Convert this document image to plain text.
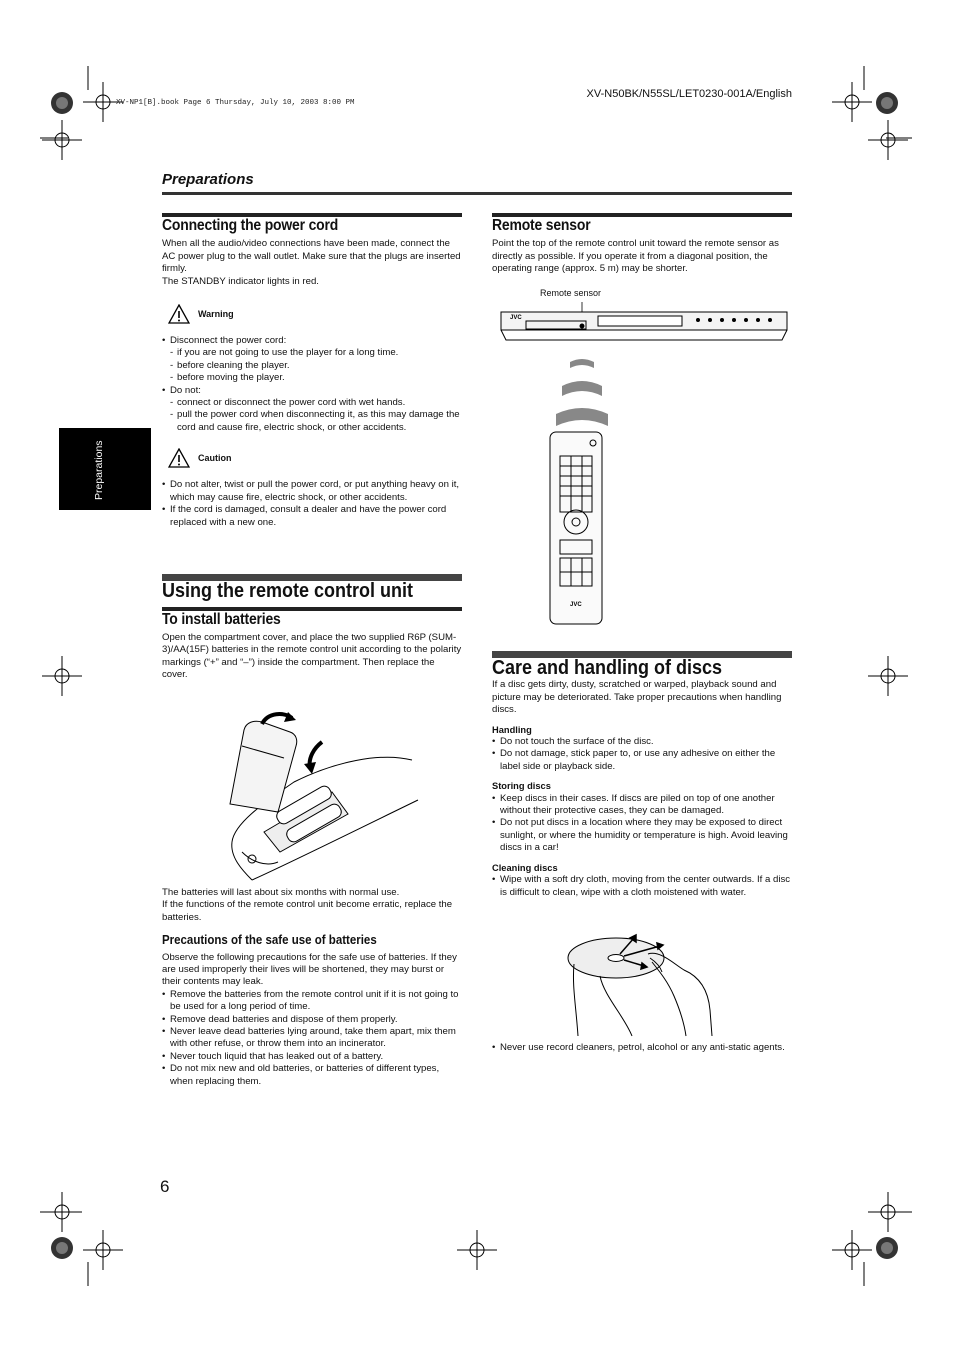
XV-NP1[B].book Page 6 Thursday, July 10, 2003 8:00 PM
XV-N50BK/N55SL/LET0230-001A/English
Preparations
Preparations
Connecting the power cord

When all the audio/video connections have been made, connect the AC power plug to the wall outlet. Make sure that the plugs are inserted firmly.

The STANDBY indicator lights in red.

Warning
• Disconnect the power cord:
- if you are not going to use the player for a long time.
- before cleaning the player.
- before moving the player.
• Do not:
- connect or disconnect the power cord with wet hands.
- pull the power cord when disconnecting it, as this may damage the cord and cause fire, electric shock, or other accidents.
Caution
• Do not alter, twist or pull the power cord, or put anything heavy on it, which may cause fire, electric shock, or other accidents.
• If the cord is damaged, consult a dealer and have the power cord replaced with a new one.
Using the remote control unit
To install batteries

Open the compartment cover, and place the two supplied R6P (SUM-3)/AA(15F) batteries in the remote control unit according to the polarity markings (“+” and “–”) inside the compartment. Then replace the cover.

The batteries will last about six months with normal use.

If the functions of the remote control unit become erratic, replace the batteries.

Precautions of the safe use of batteries

Observe the following precautions for the safe use of batteries. If they are used improperly their lives will be shortened, they may burst or their contents may leak.

• Remove the batteries from the remote control unit if it is not going to be used for a long period of time.
• Remove dead batteries and dispose of them properly.
• Never leave dead batteries lying around, take them apart, mix them with other refuse, or throw them into an incinerator.
• Never touch liquid that has leaked out of a battery.
• Do not mix new and old batteries, or batteries of different types, when replacing them.
Remote sensor

Point the top of the remote control unit toward the remote sensor as directly as possible. If you operate it from a diagonal position, the operating range (approx. 5 m) may be shorter.

Remote sensor
JVC
JVC
Care and handling of discs

If a disc gets dirty, dusty, scratched or warped, playback sound and picture may be deteriorated. Take proper precautions when handling discs.

Handling
• Do not touch the surface of the disc.
• Do not damage, stick paper to, or use any adhesive on either the label side or playback side.
Storing discs
• Keep discs in their cases. If discs are piled on top of one another without their protective cases, they can be damaged.
• Do not put discs in a location where they may be exposed to direct sunlight, or where the humidity or temperature is high. Avoid leaving discs in a car!
Cleaning discs
• Wipe with a soft dry cloth, moving from the center outwards. If a disc is difficult to clean, wipe with a cloth moistened with water.
• Never use record cleaners, petrol, alcohol or any anti-static agents.
6
